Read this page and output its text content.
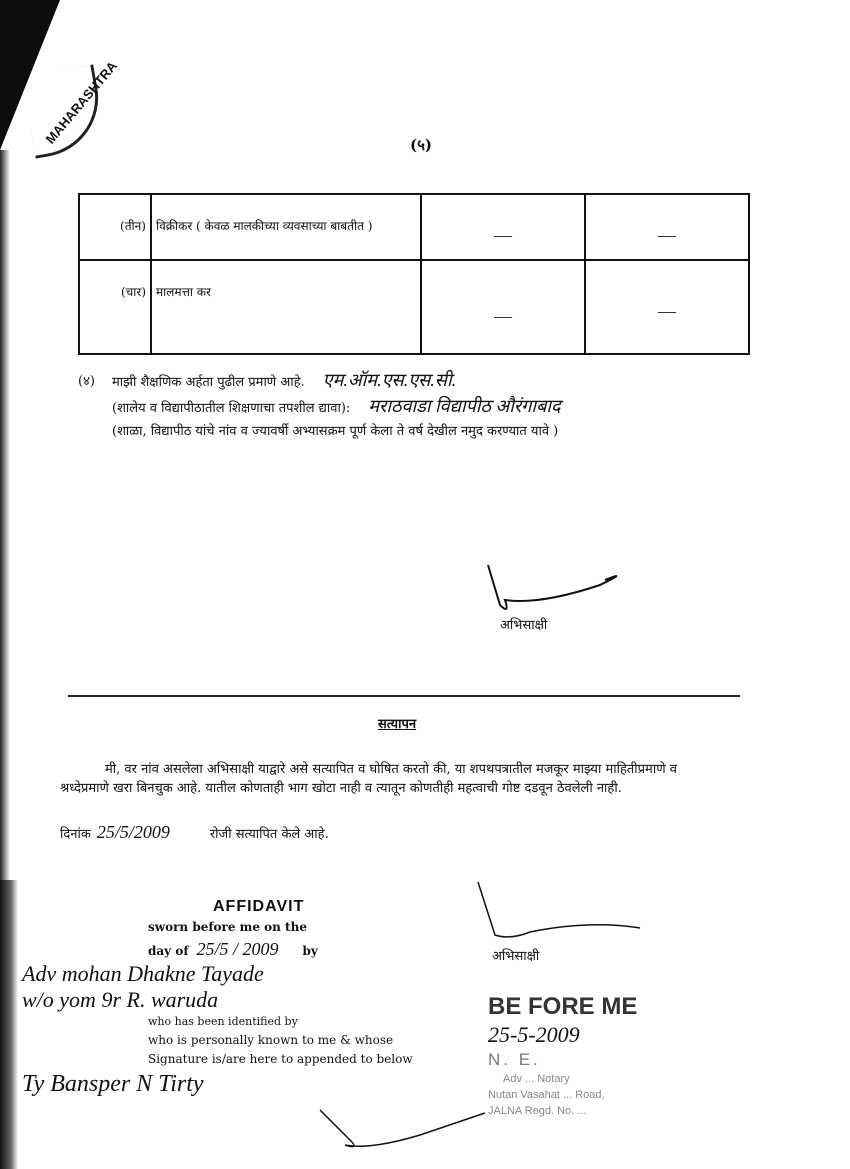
MAHARASHTRA	(५)
(तीन)	विक्रीकर ( केवळ मालकीच्या व्यवसाच्या बाबतीत )	—	—
(चार)	मालमत्ता कर	—	—
(४) माझी शैक्षणिक अर्हता पुढील प्रमाणे आहे. एम.ऑम.एस.एस.सी.
(शालेय व विद्यापीठातील शिक्षणाचा तपशील द्यावा): मराठवाडा विद्यापीठ औरंगाबाद
(शाळा, विद्यापीठ यांचे नांव व ज्यावर्षी अभ्यासक्रम पूर्ण केला ते वर्ष देखील नमुद करण्यात यावे )
अभिसाक्षी
सत्यापन
मी, वर नांव असलेला अभिसाक्षी याद्वारे असे सत्यापित व घोषित करतो की, या शपथपत्रातील मजकूर माझ्या माहितीप्रमाणे व श्रध्देप्रमाणे खरा बिनचुक आहे. यातील कोणताही भाग खोटा नाही व त्यातून कोणतीही महत्वाची गोष्ट दडवून ठेवलेली नाही.
दिनांक 25/5/2009	रोजी सत्यापित केले आहे.
अभिसाक्षी
AFFIDAVIT
sworn before me on the
day of 25/5 / 2009 by
Adv mohan Dhakne Tayade
w/o yom 9r R. waruda
who has been identified by
who is personally known to me & whose
Signature is/are here to appended to below
Ty Bansper N Tirty
BE FORE ME
25-5-2009
N. E.
Adv ... Notary
Nutan Vasahat ... Road,
JALNA Regd. No. ...
